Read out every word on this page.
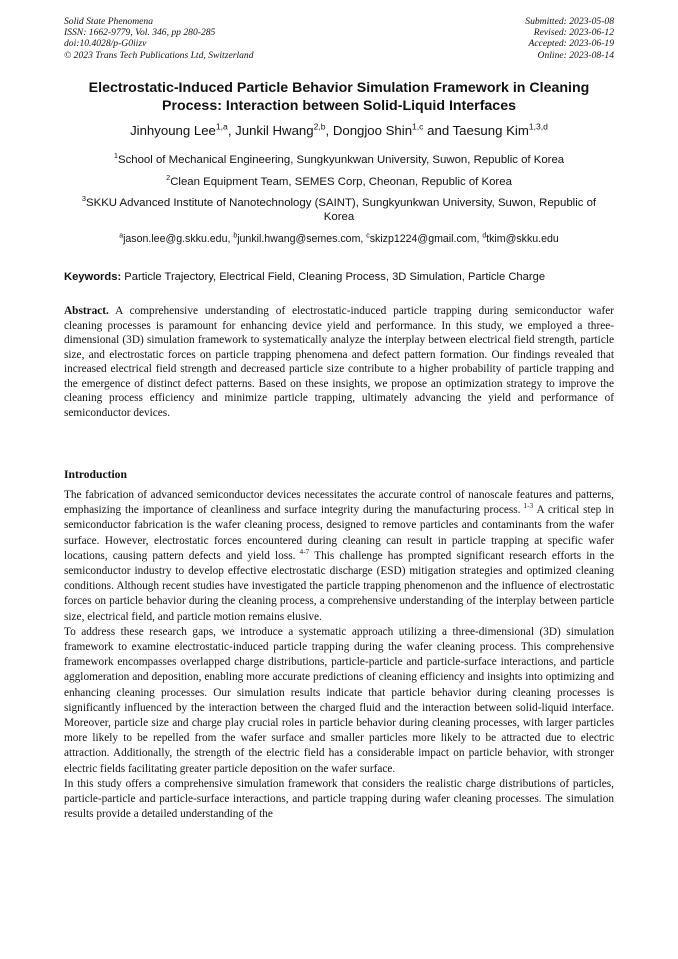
Solid State Phenomena
ISSN: 1662-9779, Vol. 346, pp 280-285
doi:10.4028/p-G0iizv
© 2023 Trans Tech Publications Ltd, Switzerland
Submitted: 2023-05-08
Revised: 2023-06-12
Accepted: 2023-06-19
Online: 2023-08-14
Electrostatic-Induced Particle Behavior Simulation Framework in Cleaning Process: Interaction between Solid-Liquid Interfaces
Jinhyoung Lee$^{1,a}$, Junkil Hwang$^{2,b}$, Dongjoo Shin$^{1,c}$ and Taesung Kim$^{1,3,d}$
$^1$School of Mechanical Engineering, Sungkyunkwan University, Suwon, Republic of Korea
$^2$Clean Equipment Team, SEMES Corp, Cheonan, Republic of Korea
$^3$SKKU Advanced Institute of Nanotechnology (SAINT), Sungkyunkwan University, Suwon, Republic of Korea
$^a$jason.lee@g.skku.edu, $^b$junkil.hwang@semes.com, $^c$skizp1224@gmail.com, $^d$tkim@skku.edu
Keywords: Particle Trajectory, Electrical Field, Cleaning Process, 3D Simulation, Particle Charge

Abstract. A comprehensive understanding of electrostatic-induced particle trapping during semiconductor wafer cleaning processes is paramount for enhancing device yield and performance. In this study, we employed a three-dimensional (3D) simulation framework to systematically analyze the interplay between electrical field strength, particle size, and electrostatic forces on particle trapping phenomena and defect pattern formation. Our findings revealed that increased electrical field strength and decreased particle size contribute to a higher probability of particle trapping and the emergence of distinct defect patterns. Based on these insights, we propose an optimization strategy to improve the cleaning process efficiency and minimize particle trapping, ultimately advancing the yield and performance of semiconductor devices.

Introduction

The fabrication of advanced semiconductor devices necessitates the accurate control of nanoscale features and patterns, emphasizing the importance of cleanliness and surface integrity during the manufacturing process. $^{1-3}$ A critical step in semiconductor fabrication is the wafer cleaning process, designed to remove particles and contaminants from the wafer surface. However, electrostatic forces encountered during cleaning can result in particle trapping at specific wafer locations, causing pattern defects and yield loss. $^{4-7}$ This challenge has prompted significant research efforts in the semiconductor industry to develop effective electrostatic discharge (ESD) mitigation strategies and optimized cleaning conditions. Although recent studies have investigated the particle trapping phenomenon and the influence of electrostatic forces on particle behavior during the cleaning process, a comprehensive understanding of the interplay between particle size, electrical field, and particle motion remains elusive.

To address these research gaps, we introduce a systematic approach utilizing a three-dimensional (3D) simulation framework to examine electrostatic-induced particle trapping during the wafer cleaning process. This comprehensive framework encompasses overlapped charge distributions, particle-particle and particle-surface interactions, and particle agglomeration and deposition, enabling more accurate predictions of cleaning efficiency and insights into optimizing and enhancing cleaning processes. Our simulation results indicate that particle behavior during cleaning processes is significantly influenced by the interaction between the charged fluid and the interaction between solid-liquid interface. Moreover, particle size and charge play crucial roles in particle behavior during cleaning processes, with larger particles more likely to be repelled from the wafer surface and smaller particles more likely to be attracted due to electric attraction. Additionally, the strength of the electric field has a considerable impact on particle behavior, with stronger electric fields facilitating greater particle deposition on the wafer surface.

In this study offers a comprehensive simulation framework that considers the realistic charge distributions of particles, particle-particle and particle-surface interactions, and particle trapping during wafer cleaning processes. The simulation results provide a detailed understanding of the
